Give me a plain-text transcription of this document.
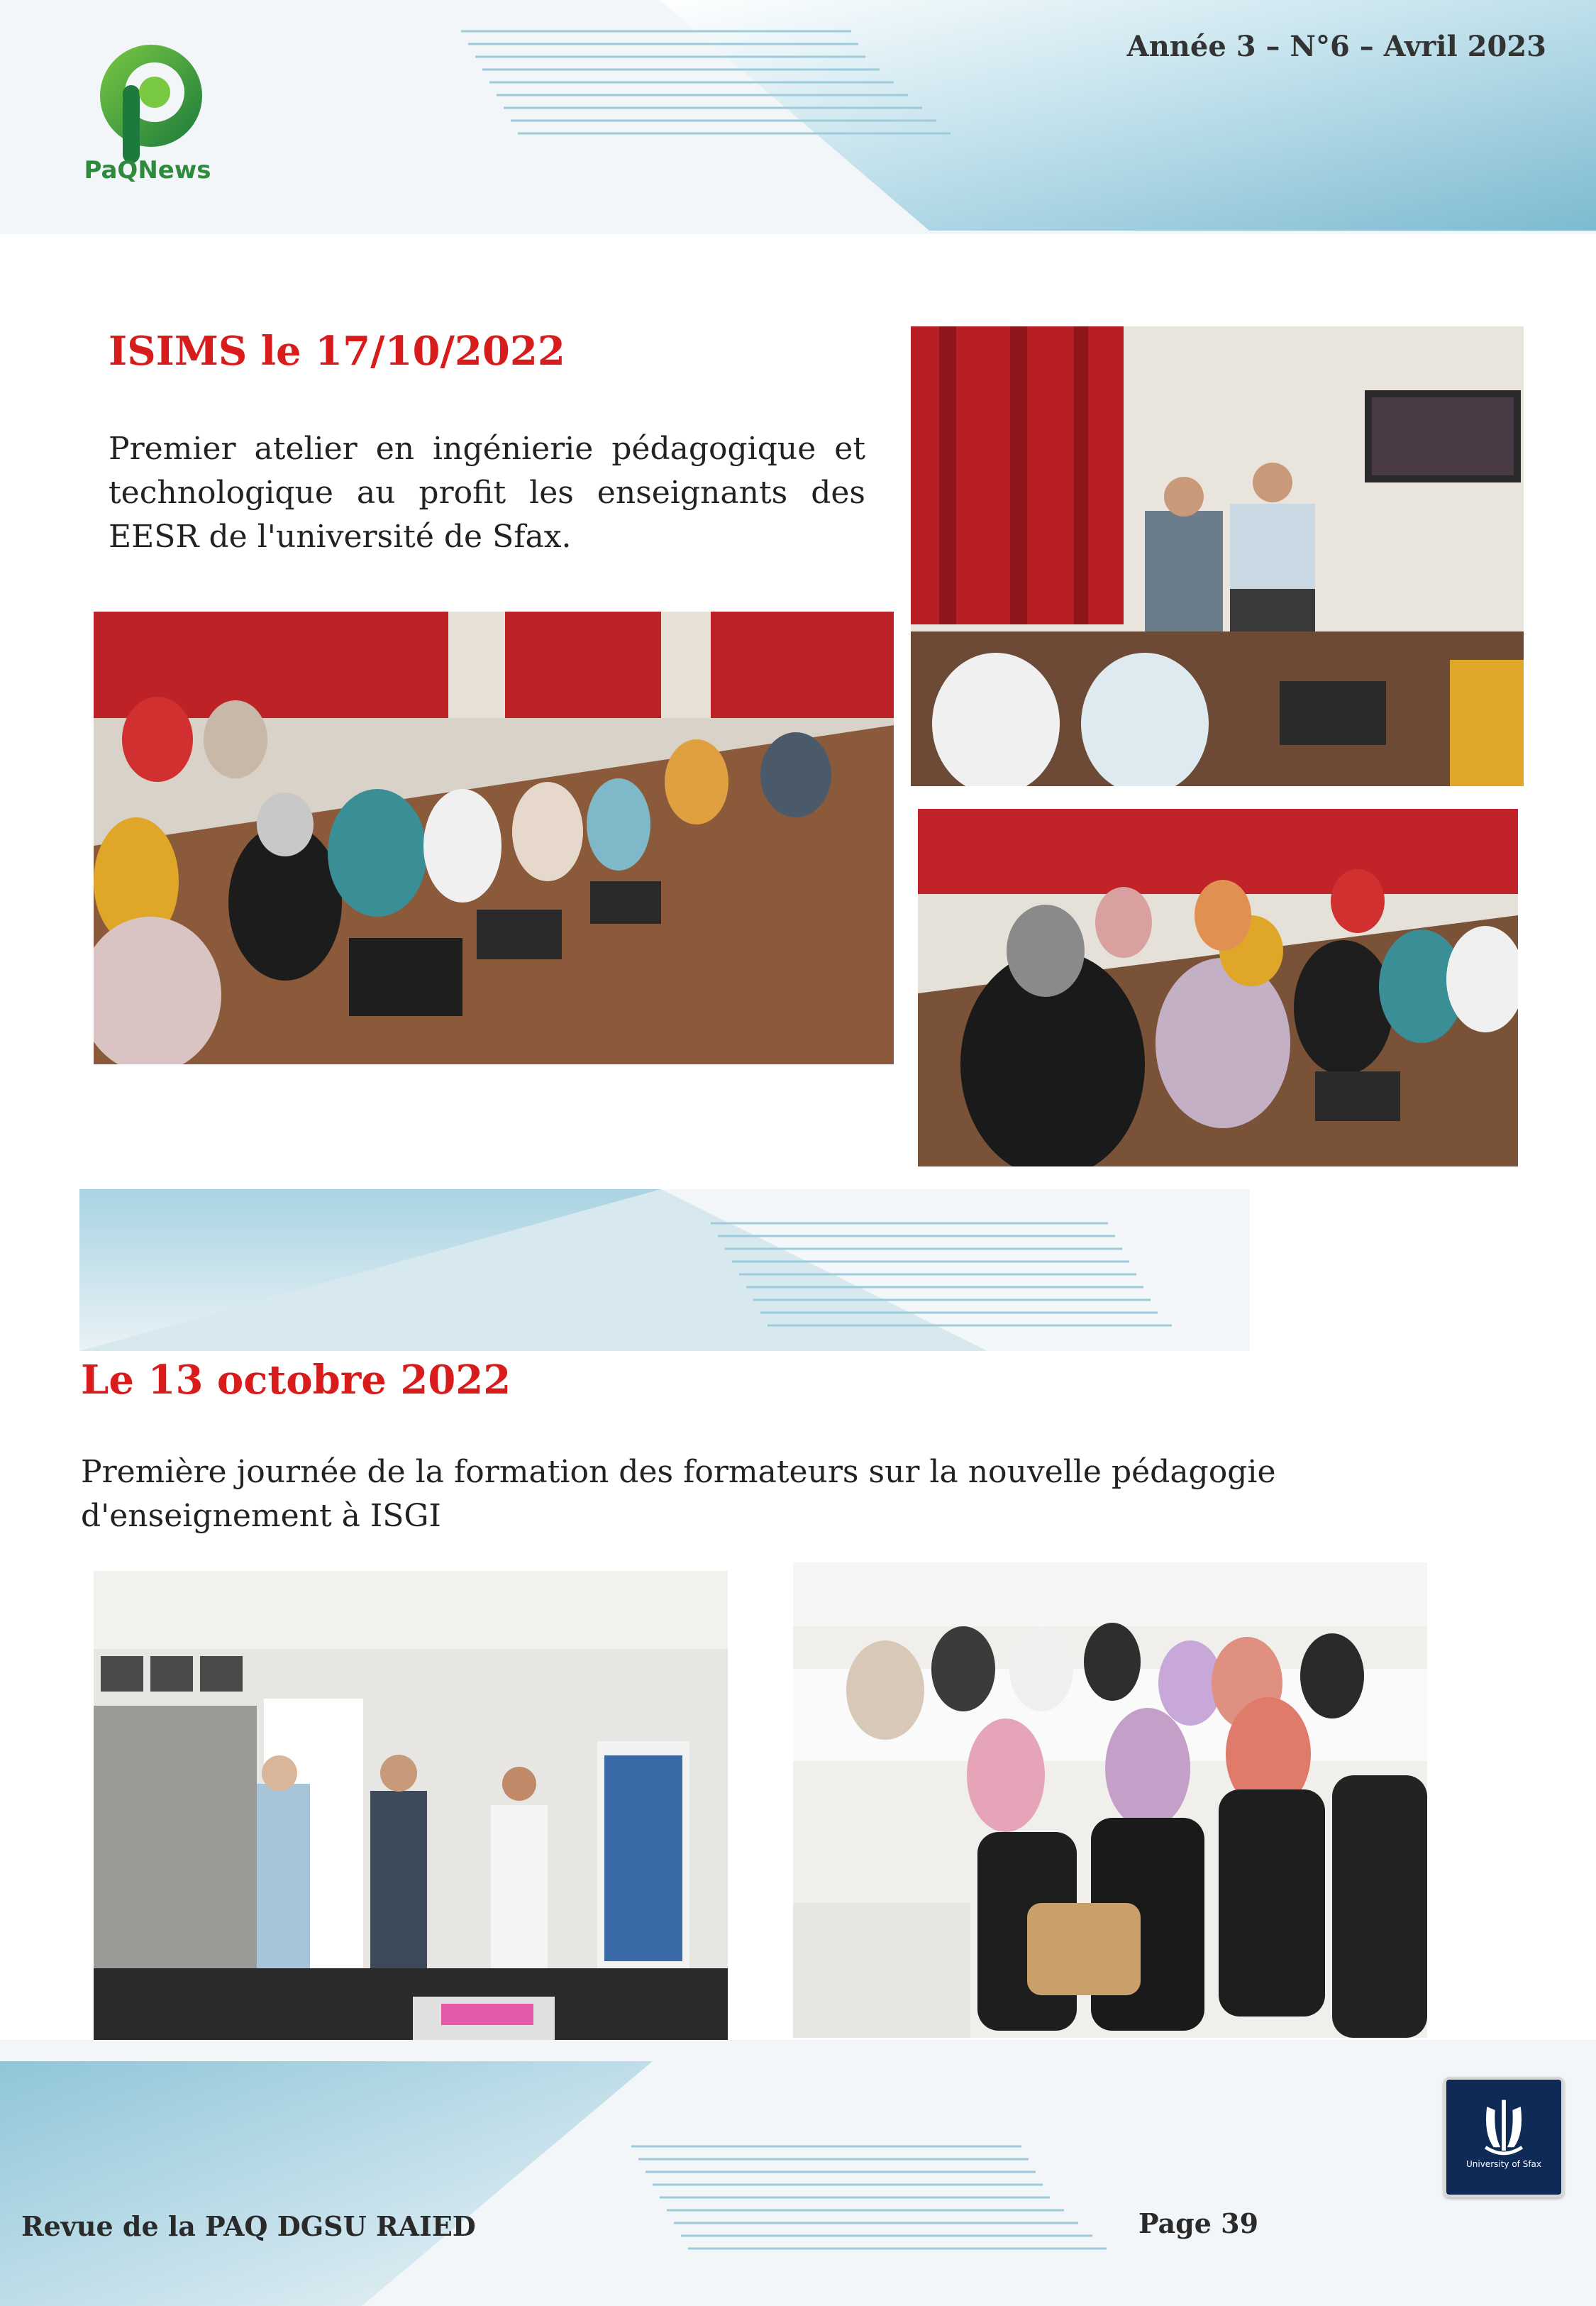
PaQNews
Année 3 – N°6 – Avril 2023
ISIMS le 17/10/2022
Premier atelier en ingénierie pédagogique et technologique au profit les enseignants des EESR de l'université de Sfax.
Le 13 octobre 2022
Première journée de la formation des formateurs sur la nouvelle pédagogie d'enseignement à ISGI
Revue de la PAQ DGSU RAIED	Page 39
University of Sfax
